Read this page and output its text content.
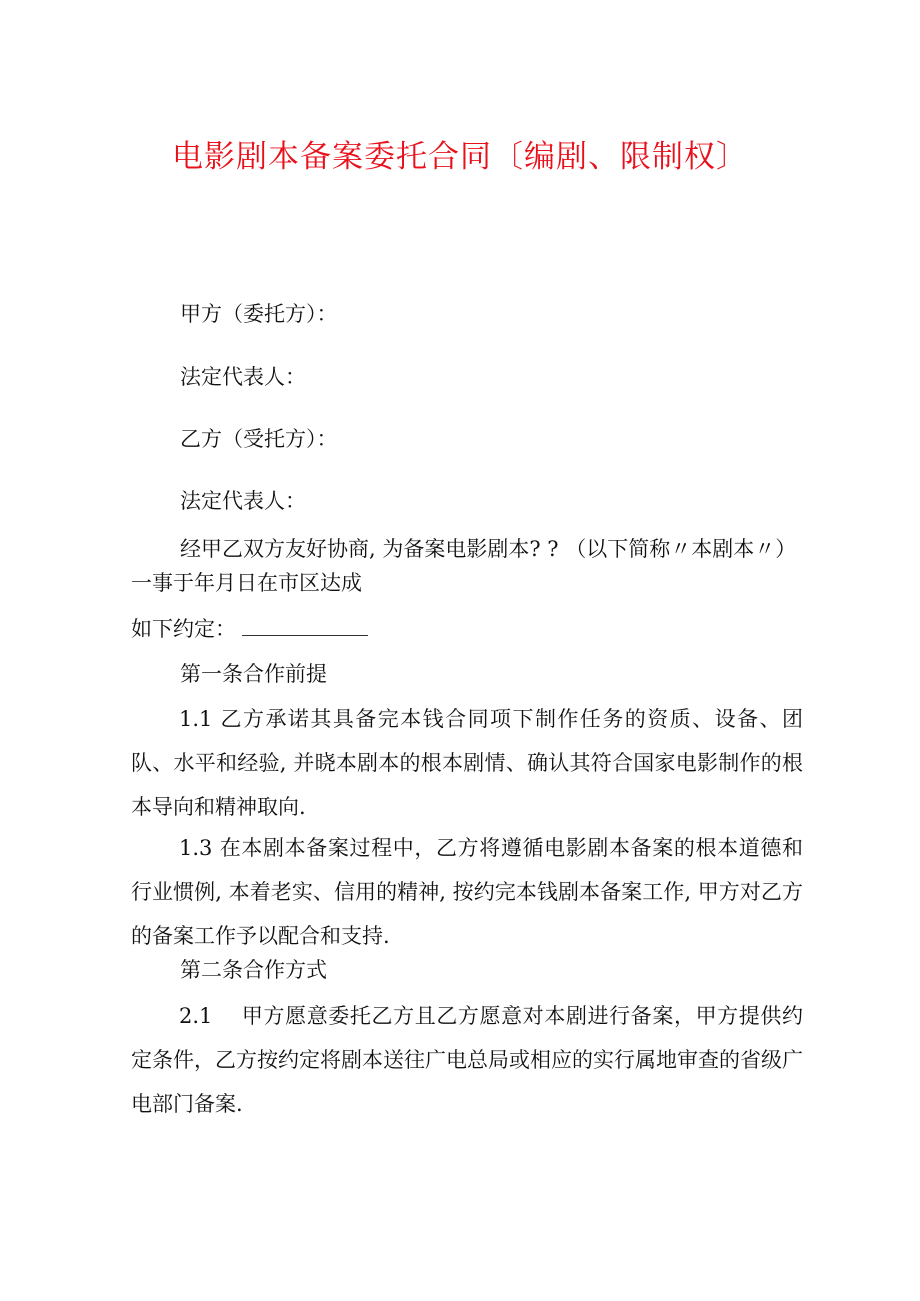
电影剧本备案委托合同〔编剧、限制权〕
甲方（委托方）：
法定代表人：
乙方（受托方）：
法定代表人：
经甲乙双方友好协商, 为备案电影剧本? ? （以下简称〃本剧本〃）
一事于年月日在市区达成
如下约定：
第一条合作前提
1.1 乙方承诺其具备完本钱合同项下制作任务的资质、设备、团队、水平和经验, 并晓本剧本的根本剧情、确认其符合国家电影制作的根本导向和精神取向.
1.3 在本剧本备案过程中，乙方将遵循电影剧本备案的根本道德和行业惯例, 本着老实、信用的精神, 按约完本钱剧本备案工作, 甲方对乙方的备案工作予以配合和支持.
第二条合作方式
2.1　 甲方愿意委托乙方且乙方愿意对本剧进行备案，甲方提供约定条件，乙方按约定将剧本送往广电总局或相应的实行属地审查的省级广电部门备案.
